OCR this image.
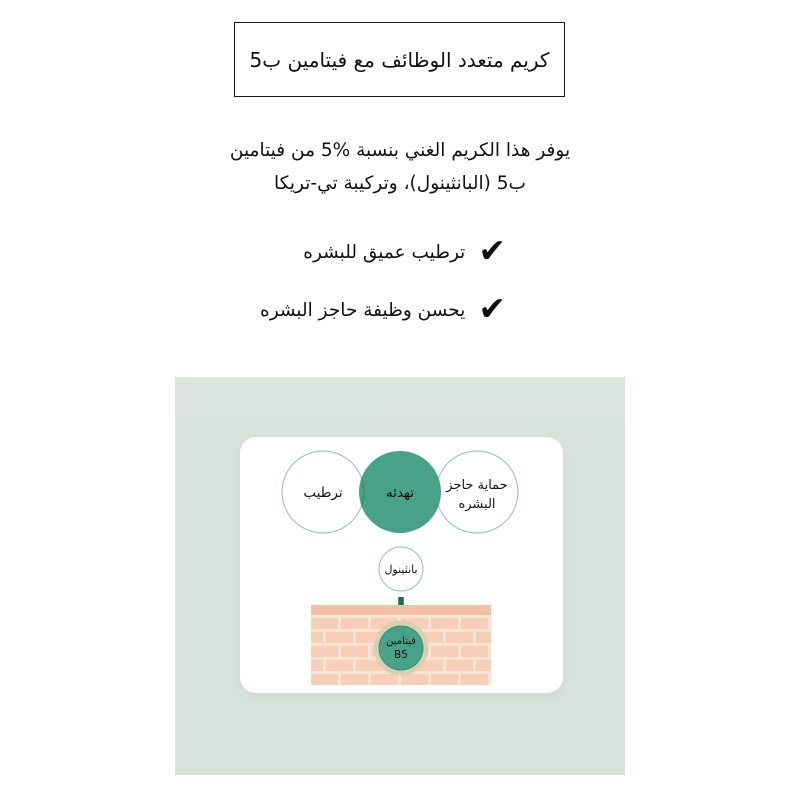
كريم متعدد الوظائف مع فيتامين ب5
يوفر هذا الكريم الغني بنسبة %5 من فيتامين
ب5 (البانثينول)، وتركيبة تي-تريكا
✔
ترطيب عميق للبشره
✔
يحسن وظيفة حاجز البشره
ترطيب	تهدئه حماية حاجز
البشره
بانثينول
فيتامين
B5
